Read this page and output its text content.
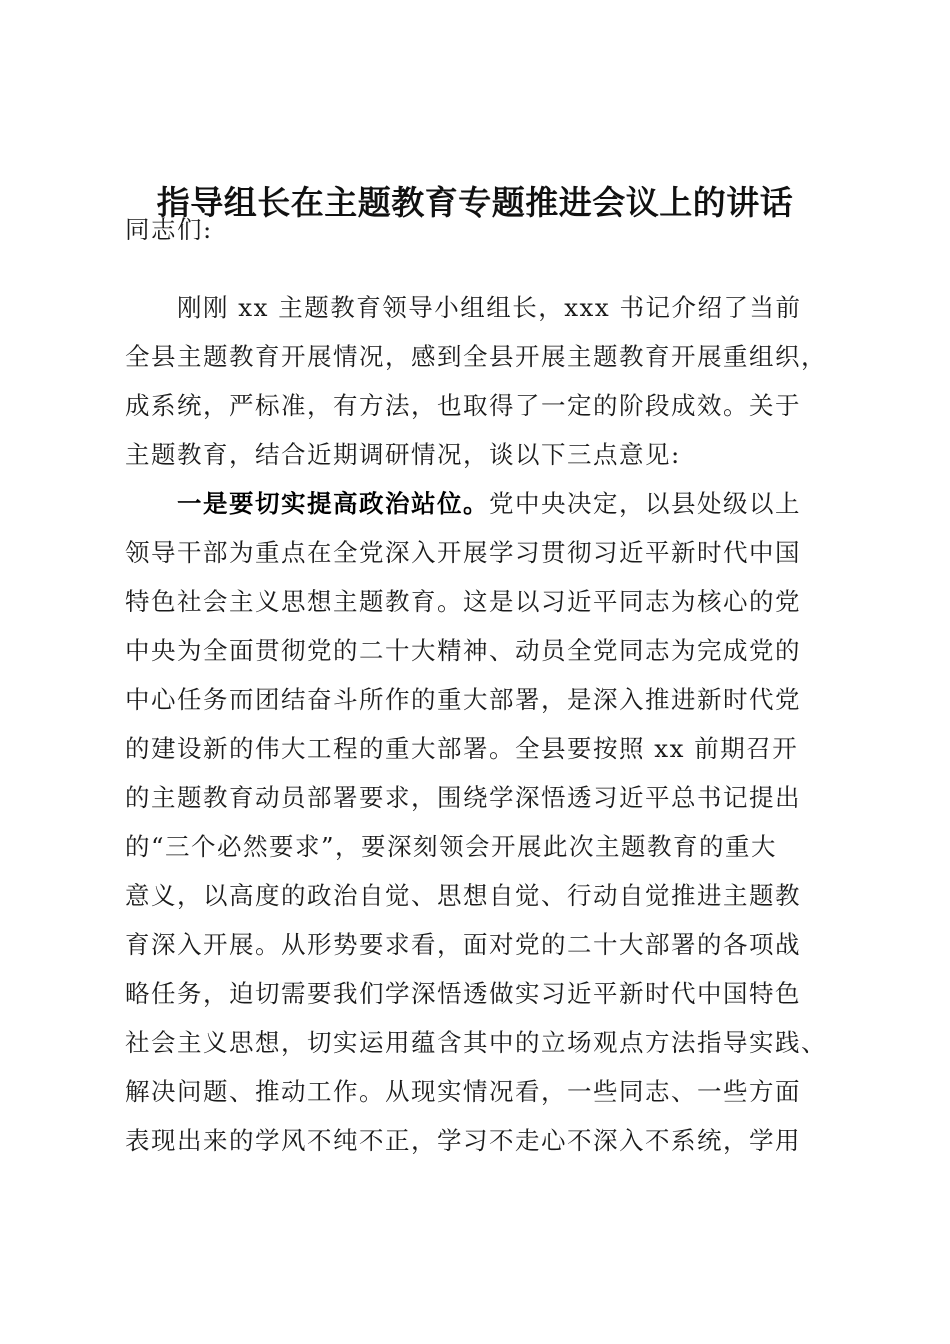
指导组长在主题教育专题推进会议上的讲话
同志们:
刚刚 xx 主题教育领导小组组长，xxx 书记介绍了当前
全县主题教育开展情况，感到全县开展主题教育开展重组织，
成系统，严标准，有方法，也取得了一定的阶段成效。关于
主题教育，结合近期调研情况，谈以下三点意见:
一是要切实提高政治站位。党中央决定，以县处级以上
领导干部为重点在全党深入开展学习贯彻习近平新时代中国
特色社会主义思想主题教育。这是以习近平同志为核心的党
中央为全面贯彻党的二十大精神、动员全党同志为完成党的
中心任务而团结奋斗所作的重大部署，是深入推进新时代党
的建设新的伟大工程的重大部署。全县要按照 xx 前期召开
的主题教育动员部署要求，围绕学深悟透习近平总书记提出
的“三个必然要求”，要深刻领会开展此次主题教育的重大
意义，以高度的政治自觉、思想自觉、行动自觉推进主题教
育深入开展。从形势要求看，面对党的二十大部署的各项战
略任务，迫切需要我们学深悟透做实习近平新时代中国特色
社会主义思想，切实运用蕴含其中的立场观点方法指导实践、
解决问题、推动工作。从现实情况看，一些同志、一些方面
表现出来的学风不纯不正，学习不走心不深入不系统，学用
